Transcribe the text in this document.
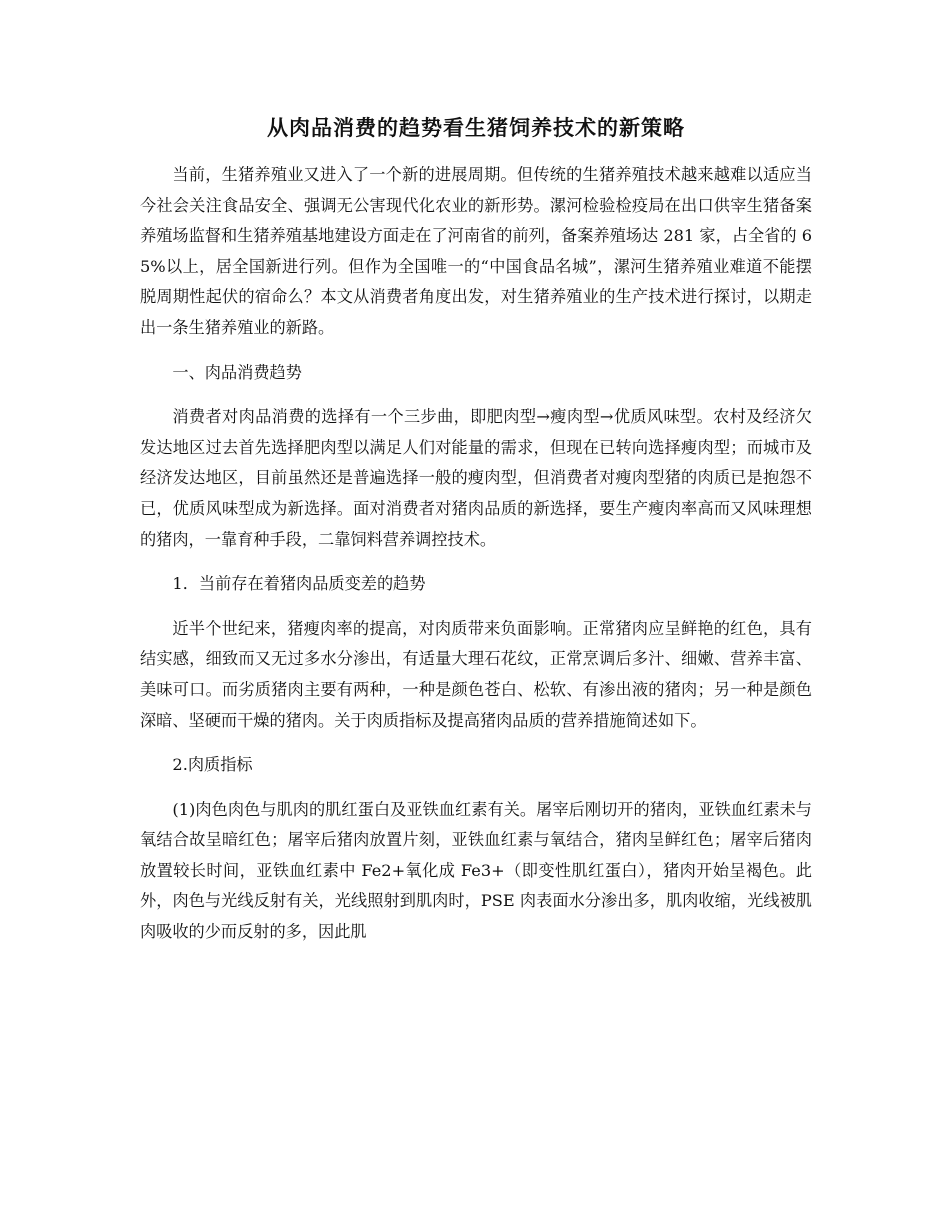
从肉品消费的趋势看生猪饲养技术的新策略

当前，生猪养殖业又进入了一个新的进展周期。但传统的生猪养殖技术越来越难以适应当今社会关注食品安全、强调无公害现代化农业的新形势。漯河检验检疫局在出口供宰生猪备案养殖场监督和生猪养殖基地建设方面走在了河南省的前列，备案养殖场达 281 家，占全省的 65%以上，居全国新进行列。但作为全国唯一的“中国食品名城”，漯河生猪养殖业难道不能摆脱周期性起伏的宿命么？本文从消费者角度出发，对生猪养殖业的生产技术进行探讨，以期走出一条生猪养殖业的新路。

一、肉品消费趋势

消费者对肉品消费的选择有一个三步曲，即肥肉型→瘦肉型→优质风味型。农村及经济欠发达地区过去首先选择肥肉型以满足人们对能量的需求，但现在已转向选择瘦肉型；而城市及经济发达地区，目前虽然还是普遍选择一般的瘦肉型，但消费者对瘦肉型猪的肉质已是抱怨不已，优质风味型成为新选择。面对消费者对猪肉品质的新选择，要生产瘦肉率高而又风味理想的猪肉，一靠育种手段，二靠饲料营养调控技术。

1．当前存在着猪肉品质变差的趋势

近半个世纪来，猪瘦肉率的提高，对肉质带来负面影响。正常猪肉应呈鲜艳的红色，具有结实感，细致而又无过多水分渗出，有适量大理石花纹，正常烹调后多汁、细嫩、营养丰富、美味可口。而劣质猪肉主要有两种，一种是颜色苍白、松软、有渗出液的猪肉；另一种是颜色深暗、坚硬而干燥的猪肉。关于肉质指标及提高猪肉品质的营养措施简述如下。

2.肉质指标

(1)肉色肉色与肌肉的肌红蛋白及亚铁血红素有关。屠宰后刚切开的猪肉，亚铁血红素未与氧结合故呈暗红色；屠宰后猪肉放置片刻，亚铁血红素与氧结合，猪肉呈鲜红色；屠宰后猪肉放置较长时间，亚铁血红素中 Fe2+氧化成 Fe3+（即变性肌红蛋白），猪肉开始呈褐色。此外，肉色与光线反射有关，光线照射到肌肉时，PSE 肉表面水分渗出多，肌肉收缩，光线被肌肉吸收的少而反射的多，因此肌
